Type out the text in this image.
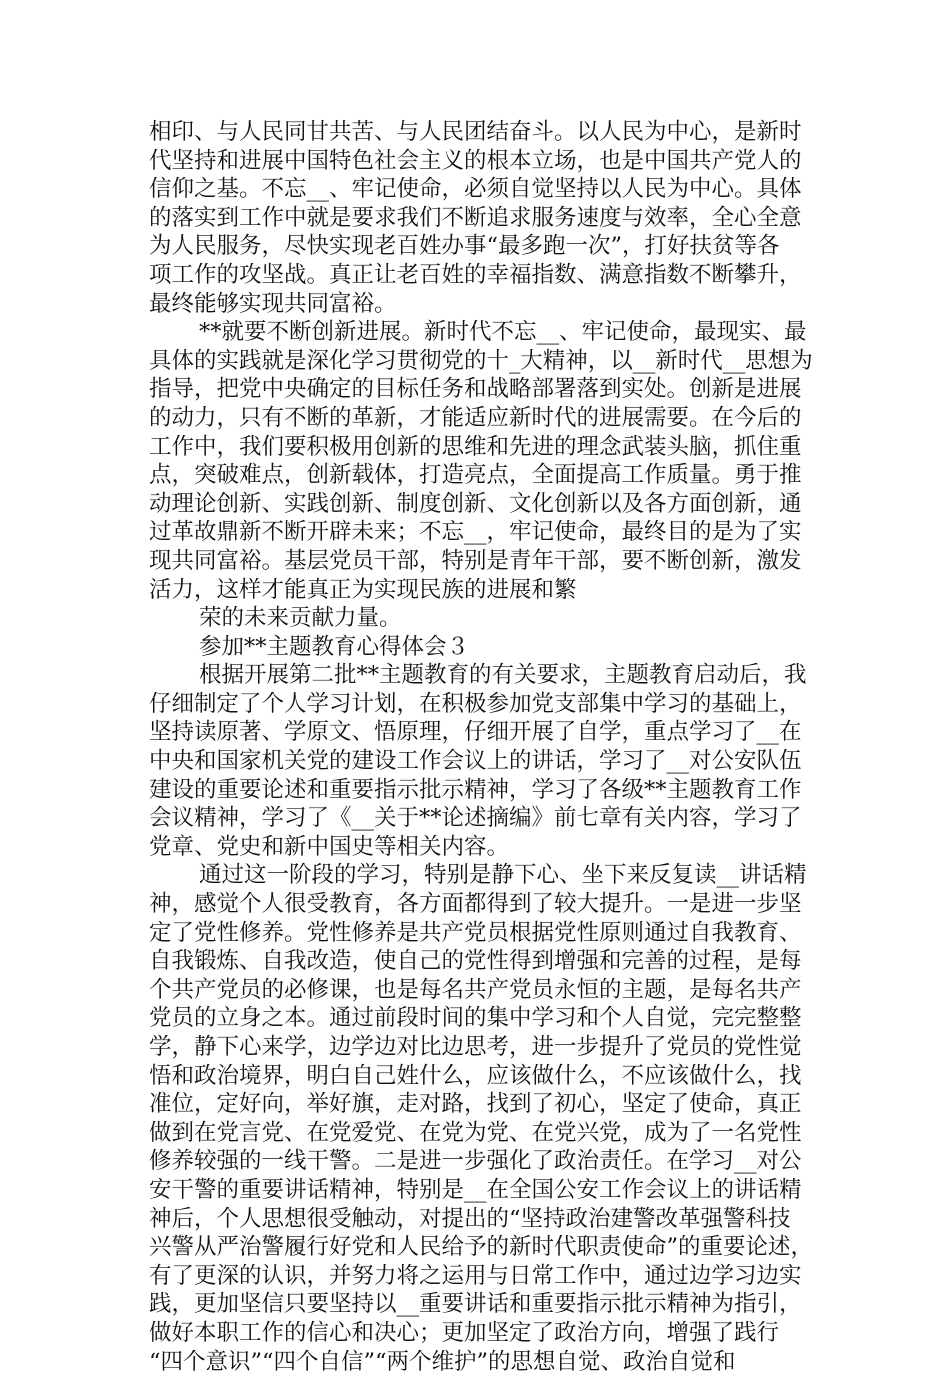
相印、与人民同甘共苦、与人民团结奋斗。以人民为中心，是新时
代坚持和进展中国特色社会主义的根本立场，也是中国共产党人的
信仰之基。不忘__、牢记使命，必须自觉坚持以人民为中心。具体
的落实到工作中就是要求我们不断追求服务速度与效率，全心全意
为人民服务，尽快实现老百姓办事“最多跑一次”，打好扶贫等各
项工作的攻坚战。真正让老百姓的幸福指数、满意指数不断攀升，
最终能够实现共同富裕。
**就要不断创新进展。新时代不忘__、牢记使命，最现实、最
具体的实践就是深化学习贯彻党的十_大精神，以__新时代__思想为
指导，把党中央确定的目标任务和战略部署落到实处。创新是进展
的动力，只有不断的革新，才能适应新时代的进展需要。在今后的
工作中，我们要积极用创新的思维和先进的理念武装头脑，抓住重
点，突破难点，创新载体，打造亮点，全面提高工作质量。勇于推
动理论创新、实践创新、制度创新、文化创新以及各方面创新，通
过革故鼎新不断开辟未来；不忘__，牢记使命，最终目的是为了实
现共同富裕。基层党员干部，特别是青年干部，要不断创新，激发
活力，这样才能真正为实现民族的进展和繁
荣的未来贡献力量。
参加**主题教育心得体会３
根据开展第二批**主题教育的有关要求，主题教育启动后，我
仔细制定了个人学习计划，在积极参加党支部集中学习的基础上，
坚持读原著、学原文、悟原理，仔细开展了自学，重点学习了__在
中央和国家机关党的建设工作会议上的讲话，学习了__对公安队伍
建设的重要论述和重要指示批示精神，学习了各级**主题教育工作
会议精神，学习了《__关于**论述摘编》前七章有关内容，学习了
党章、党史和新中国史等相关内容。
通过这一阶段的学习，特别是静下心、坐下来反复读__讲话精
神，感觉个人很受教育，各方面都得到了较大提升。一是进一步坚
定了党性修养。党性修养是共产党员根据党性原则通过自我教育、
自我锻炼、自我改造，使自己的党性得到增强和完善的过程，是每
个共产党员的必修课，也是每名共产党员永恒的主题，是每名共产
党员的立身之本。通过前段时间的集中学习和个人自觉，完完整整
学，静下心来学，边学边对比边思考，进一步提升了党员的党性觉
悟和政治境界，明白自己姓什么，应该做什么，不应该做什么，找
准位，定好向，举好旗，走对路，找到了初心，坚定了使命，真正
做到在党言党、在党爱党、在党为党、在党兴党，成为了一名党性
修养较强的一线干警。二是进一步强化了政治责任。在学习__对公
安干警的重要讲话精神，特别是__在全国公安工作会议上的讲话精
神后，个人思想很受触动，对提出的“坚持政治建警改革强警科技
兴警从严治警履行好党和人民给予的新时代职责使命”的重要论述，
有了更深的认识，并努力将之运用与日常工作中，通过边学习边实
践，更加坚信只要坚持以__重要讲话和重要指示批示精神为指引，
做好本职工作的信心和决心；更加坚定了政治方向，增强了践行
“四个意识”“四个自信”“两个维护”的思想自觉、政治自觉和
